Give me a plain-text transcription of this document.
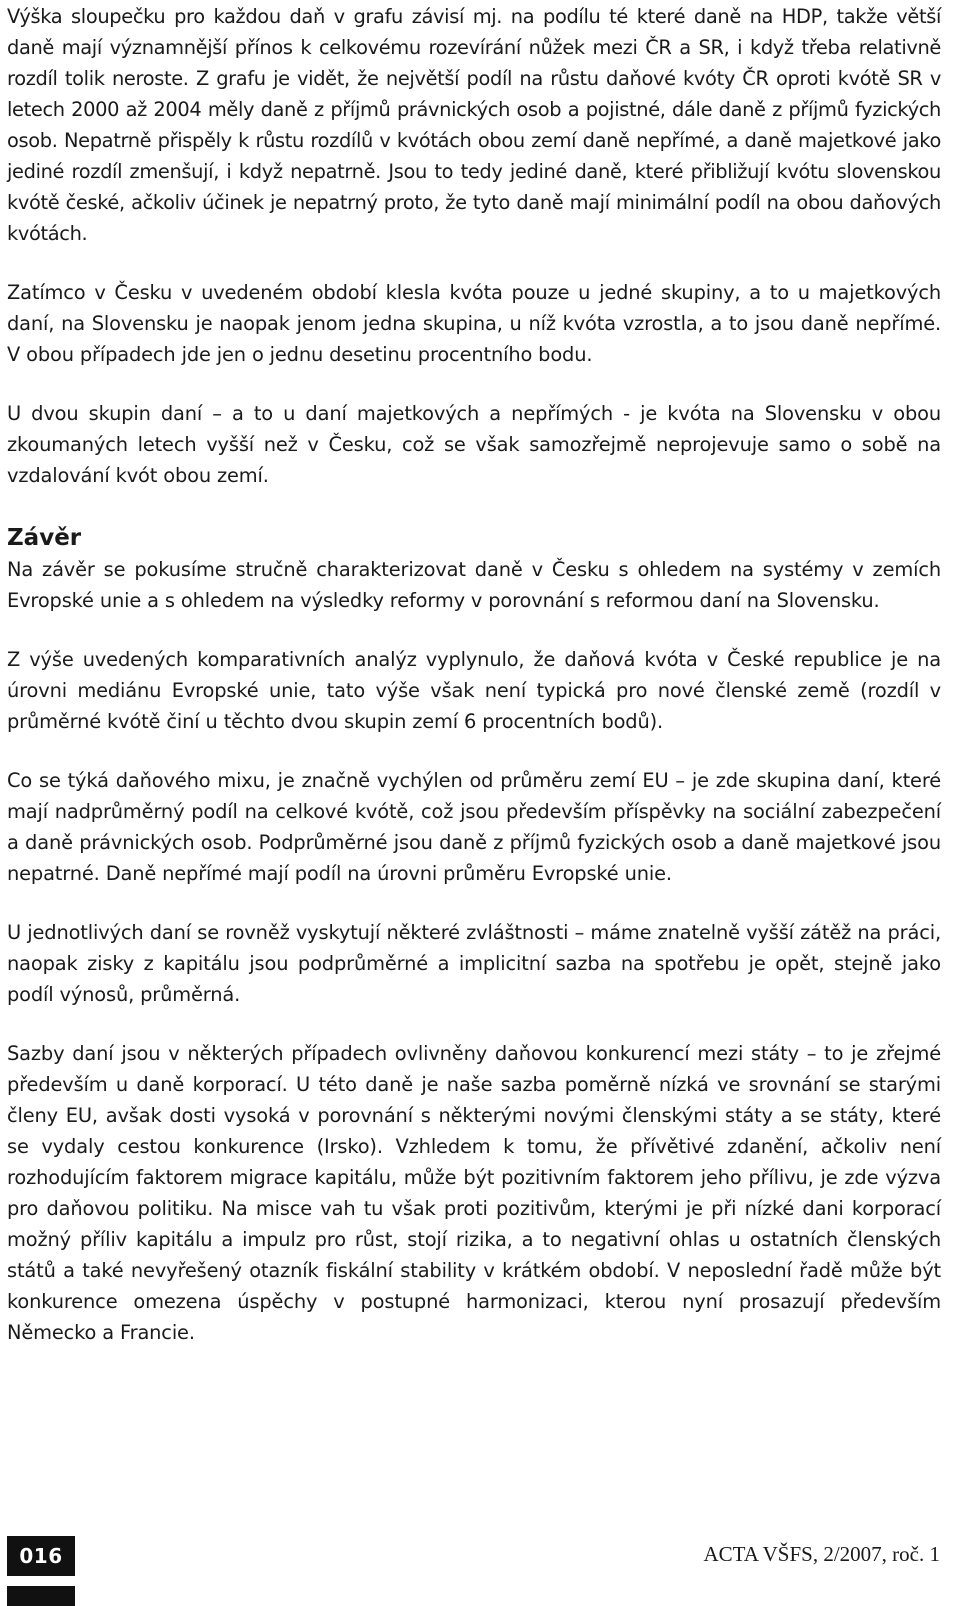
Výška sloupečku pro každou daň v grafu závisí mj. na podílu té které daně na HDP, takže větší daně mají významnější přínos k celkovému rozevírání nůžek mezi ČR a SR, i když třeba relativně rozdíl tolik neroste. Z grafu je vidět, že největší podíl na růstu daňové kvóty ČR oproti kvótě SR v letech 2000 až 2004 měly daně z příjmů právnických osob a pojistné, dále daně z příjmů fyzických osob. Nepatrně přispěly k růstu rozdílů v kvótách obou zemí daně nepřímé, a daně majetkové jako jediné rozdíl zmenšují, i když nepatrně. Jsou to tedy jediné daně, které přibližují kvótu slovenskou kvótě české, ačkoliv účinek je nepatrný proto, že tyto daně mají minimální podíl na obou daňových kvótách.

Zatímco v Česku v uvedeném období klesla kvóta pouze u jedné skupiny, a to u majetkových daní, na Slovensku je naopak jenom jedna skupina, u níž kvóta vzrostla, a to jsou daně nepřímé. V obou případech jde jen o jednu desetinu procentního bodu.

U dvou skupin daní – a to u daní majetkových a nepřímých - je kvóta na Slovensku v obou zkoumaných letech vyšší než v Česku, což se však samozřejmě neprojevuje samo o sobě na vzdalování kvót obou zemí.

Závěr

Na závěr se pokusíme stručně charakterizovat daně v Česku s ohledem na systémy v zemích Evropské unie a s ohledem na výsledky reformy v porovnání s reformou daní na Slovensku.

Z výše uvedených komparativních analýz vyplynulo, že daňová kvóta v České republice je na úrovni mediánu Evropské unie, tato výše však není typická pro nové členské země (rozdíl v průměrné kvótě činí u těchto dvou skupin zemí 6 procentních bodů).

Co se týká daňového mixu, je značně vychýlen od průměru zemí EU – je zde skupina daní, které mají nadprůměrný podíl na celkové kvótě, což jsou především příspěvky na sociální zabezpečení a daně právnických osob. Podprůměrné jsou daně z příjmů fyzických osob a daně majetkové jsou nepatrné. Daně nepřímé mají podíl na úrovni průměru Evropské unie.

U jednotlivých daní se rovněž vyskytují některé zvláštnosti – máme znatelně vyšší zátěž na práci, naopak zisky z kapitálu jsou podprůměrné a implicitní sazba na spotřebu je opět, stejně jako podíl výnosů, průměrná.

Sazby daní jsou v některých případech ovlivněny daňovou konkurencí mezi státy – to je zřejmé především u daně korporací. U této daně je naše sazba poměrně nízká ve srovnání se starými členy EU, avšak dosti vysoká v porovnání s některými novými členskými státy a se státy, které se vydaly cestou konkurence (Irsko). Vzhledem k tomu, že přívětivé zdanění, ačkoliv není rozhodujícím faktorem migrace kapitálu, může být pozitivním faktorem jeho přílivu, je zde výzva pro daňovou politiku. Na misce vah tu však proti pozitivům, kterými je při nízké dani korporací možný příliv kapitálu a impulz pro růst, stojí rizika, a to negativní ohlas u ostatních členských států a také nevyřešený otazník fiskální stability v krátkém období. V neposlední řadě může být konkurence omezena úspěchy v postupné harmonizaci, kterou nyní prosazují především Německo a Francie.

016	ACTA VŠFS, 2/2007, roč. 1
